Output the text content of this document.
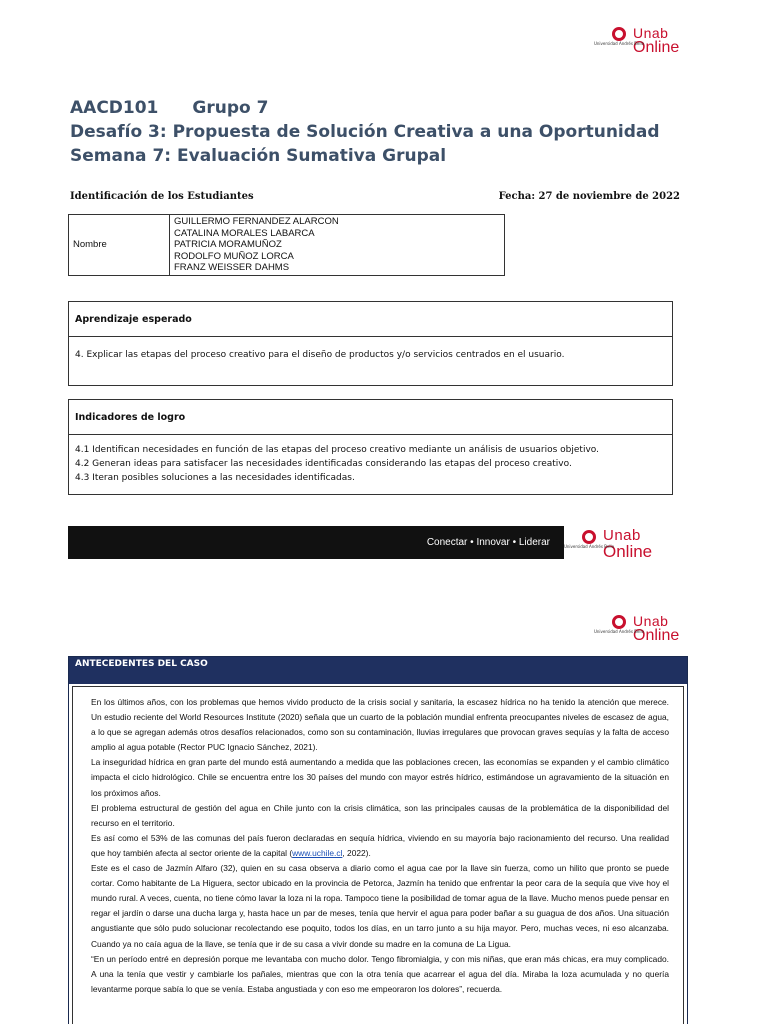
Universidad Andrés Bello
Unab
Online
AACD101 Grupo 7
Desafío 3: Propuesta de Solución Creativa a una Oportunidad
Semana 7: Evaluación Sumativa Grupal
Identificación de los Estudiantes	Fecha: 27 de noviembre de 2022
Nombre	
GUILLERMO FERNANDEZ ALARCON
CATALINA MORALES LABARCA
PATRICIA MORAMUÑOZ
RODOLFO MUÑOZ LORCA
FRANZ WEISSER DAHMS
Aprendizaje esperado

4. Explicar las etapas del proceso creativo para el diseño de productos y/o servicios centrados en el usuario.

Indicadores de logro

4.1 Identifican necesidades en función de las etapas del proceso creativo mediante un análisis de usuarios objetivo.

4.2 Generan ideas para satisfacer las necesidades identificadas considerando las etapas del proceso creativo.

4.3 Iteran posibles soluciones a las necesidades identificadas.

Conectar • Innovar • Liderar	Universidad Andrés Bello
Unab
Online
Universidad Andrés Bello
Unab
Online
ANTECEDENTES DEL CASO

En los últimos años, con los problemas que hemos vivido producto de la crisis social y sanitaria, la escasez hídrica no ha tenido la atención que merece. Un estudio reciente del World Resources Institute (2020) señala que un cuarto de la población mundial enfrenta preocupantes niveles de escasez de agua, a lo que se agregan además otros desafíos relacionados, como son su contaminación, lluvias irregulares que provocan graves sequías y la falta de acceso amplio al agua potable (Rector PUC Ignacio Sánchez, 2021).

La inseguridad hídrica en gran parte del mundo está aumentando a medida que las poblaciones crecen, las economías se expanden y el cambio climático impacta el ciclo hidrológico. Chile se encuentra entre los 30 países del mundo con mayor estrés hídrico, estimándose un agravamiento de la situación en los próximos años.

El problema estructural de gestión del agua en Chile junto con la crisis climática, son las principales causas de la problemática de la disponibilidad del recurso en el territorio.

Es así como el 53% de las comunas del país fueron declaradas en sequía hídrica, viviendo en su mayoría bajo racionamiento del recurso. Una realidad que hoy también afecta al sector oriente de la capital (www.uchile.cl, 2022).

Este es el caso de Jazmín Alfaro (32), quien en su casa observa a diario como el agua cae por la llave sin fuerza, como un hilito que pronto se puede cortar. Como habitante de La Higuera, sector ubicado en la provincia de Petorca, Jazmín ha tenido que enfrentar la peor cara de la sequía que vive hoy el mundo rural. A veces, cuenta, no tiene cómo lavar la loza ni la ropa. Tampoco tiene la posibilidad de tomar agua de la llave. Mucho menos puede pensar en regar el jardín o darse una ducha larga y, hasta hace un par de meses, tenía que hervir el agua para poder bañar a su guagua de dos años. Una situación angustiante que sólo pudo solucionar recolectando ese poquito, todos los días, en un tarro junto a su hija mayor. Pero, muchas veces, ni eso alcanzaba. Cuando ya no caía agua de la llave, se tenía que ir de su casa a vivir donde su madre en la comuna de La Ligua.

“En un período entré en depresión porque me levantaba con mucho dolor. Tengo fibromialgia, y con mis niñas, que eran más chicas, era muy complicado. A una la tenía que vestir y cambiarle los pañales, mientras que con la otra tenía que acarrear el agua del día. Miraba la loza acumulada y no quería levantarme porque sabía lo que se venía. Estaba angustiada y con eso me empeoraron los dolores”, recuerda.
